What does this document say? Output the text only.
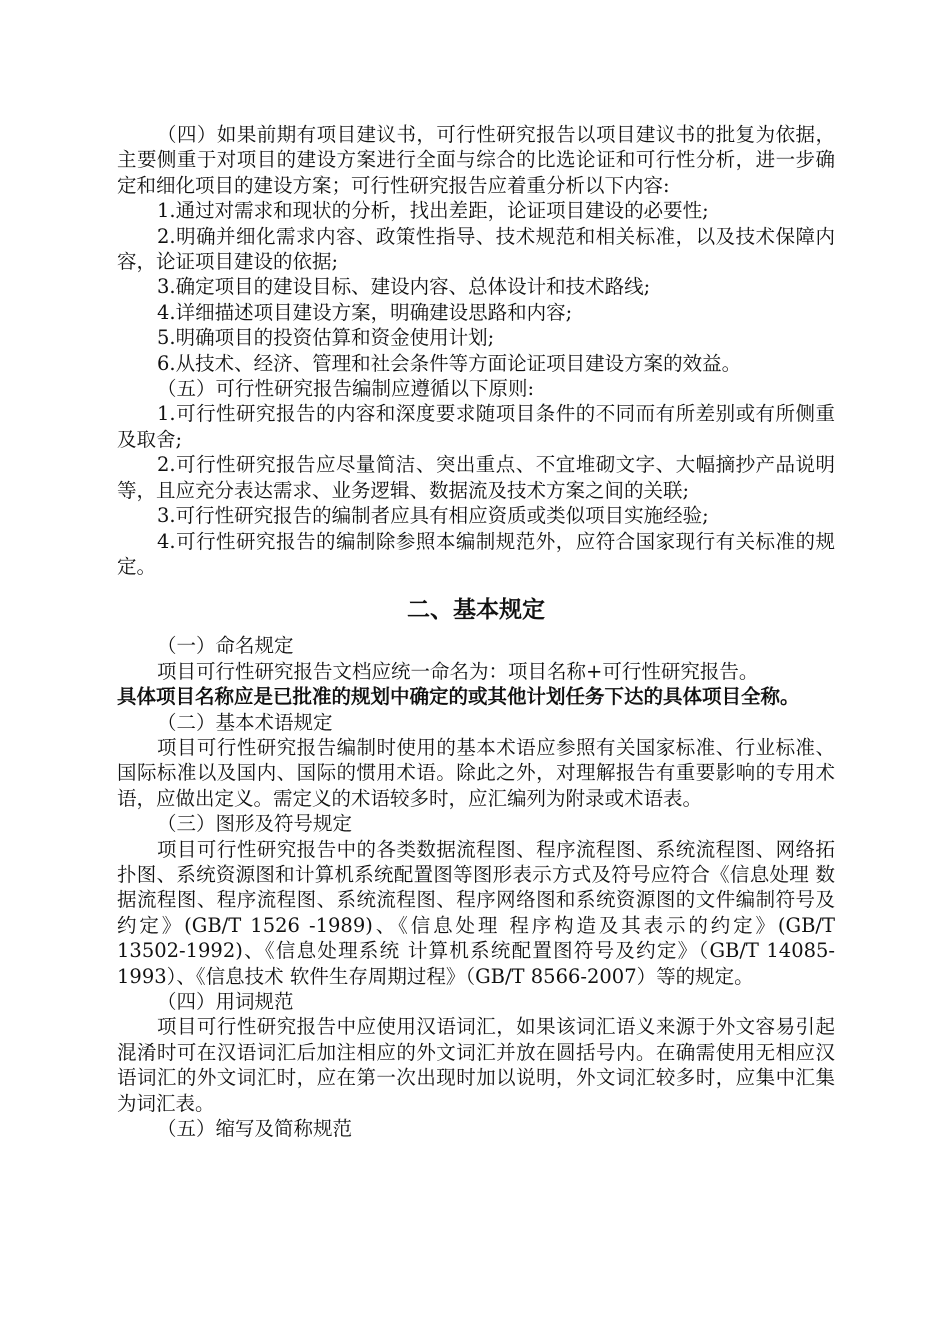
（四）如果前期有项目建议书，可行性研究报告以项目建议书的批复为依据，主要侧重于对项目的建设方案进行全面与综合的比选论证和可行性分析，进一步确定和细化项目的建设方案；可行性研究报告应着重分析以下内容:

1.通过对需求和现状的分析，找出差距，论证项目建设的必要性;

2.明确并细化需求内容、政策性指导、技术规范和相关标准，以及技术保障内容，论证项目建设的依据;

3.确定项目的建设目标、建设内容、总体设计和技术路线;

4.详细描述项目建设方案，明确建设思路和内容;

5.明确项目的投资估算和资金使用计划;

6.从技术、经济、管理和社会条件等方面论证项目建设方案的效益。

（五）可行性研究报告编制应遵循以下原则:

1.可行性研究报告的内容和深度要求随项目条件的不同而有所差别或有所侧重及取舍;

2.可行性研究报告应尽量简洁、突出重点、不宜堆砌文字、大幅摘抄产品说明等，且应充分表达需求、业务逻辑、数据流及技术方案之间的关联;

3.可行性研究报告的编制者应具有相应资质或类似项目实施经验;

4.可行性研究报告的编制除参照本编制规范外，应符合国家现行有关标准的规定。

二、基本规定

（一）命名规定

项目可行性研究报告文档应统一命名为：项目名称+可行性研究报告。

具体项目名称应是已批准的规划中确定的或其他计划任务下达的具体项目全称。

（二）基本术语规定

项目可行性研究报告编制时使用的基本术语应参照有关国家标准、行业标准、国际标准以及国内、国际的惯用术语。除此之外，对理解报告有重要影响的专用术语，应做出定义。需定义的术语较多时，应汇编列为附录或术语表。

（三）图形及符号规定

项目可行性研究报告中的各类数据流程图、程序流程图、系统流程图、网络拓扑图、系统资源图和计算机系统配置图等图形表示方式及符号应符合《信息处理 数据流程图、程序流程图、系统流程图、程序网络图和系统资源图的文件编制符号及约定》(GB/T 1526 -1989)、《信息处理 程序构造及其表示的约定》(GB/T 13502-1992)、《信息处理系统 计算机系统配置图符号及约定》（GB/T 14085-1993）、《信息技术 软件生存周期过程》（GB/T 8566-2007）等的规定。

（四）用词规范

项目可行性研究报告中应使用汉语词汇，如果该词汇语义来源于外文容易引起混淆时可在汉语词汇后加注相应的外文词汇并放在圆括号内。在确需使用无相应汉语词汇的外文词汇时，应在第一次出现时加以说明，外文词汇较多时，应集中汇集为词汇表。

（五）缩写及简称规范
